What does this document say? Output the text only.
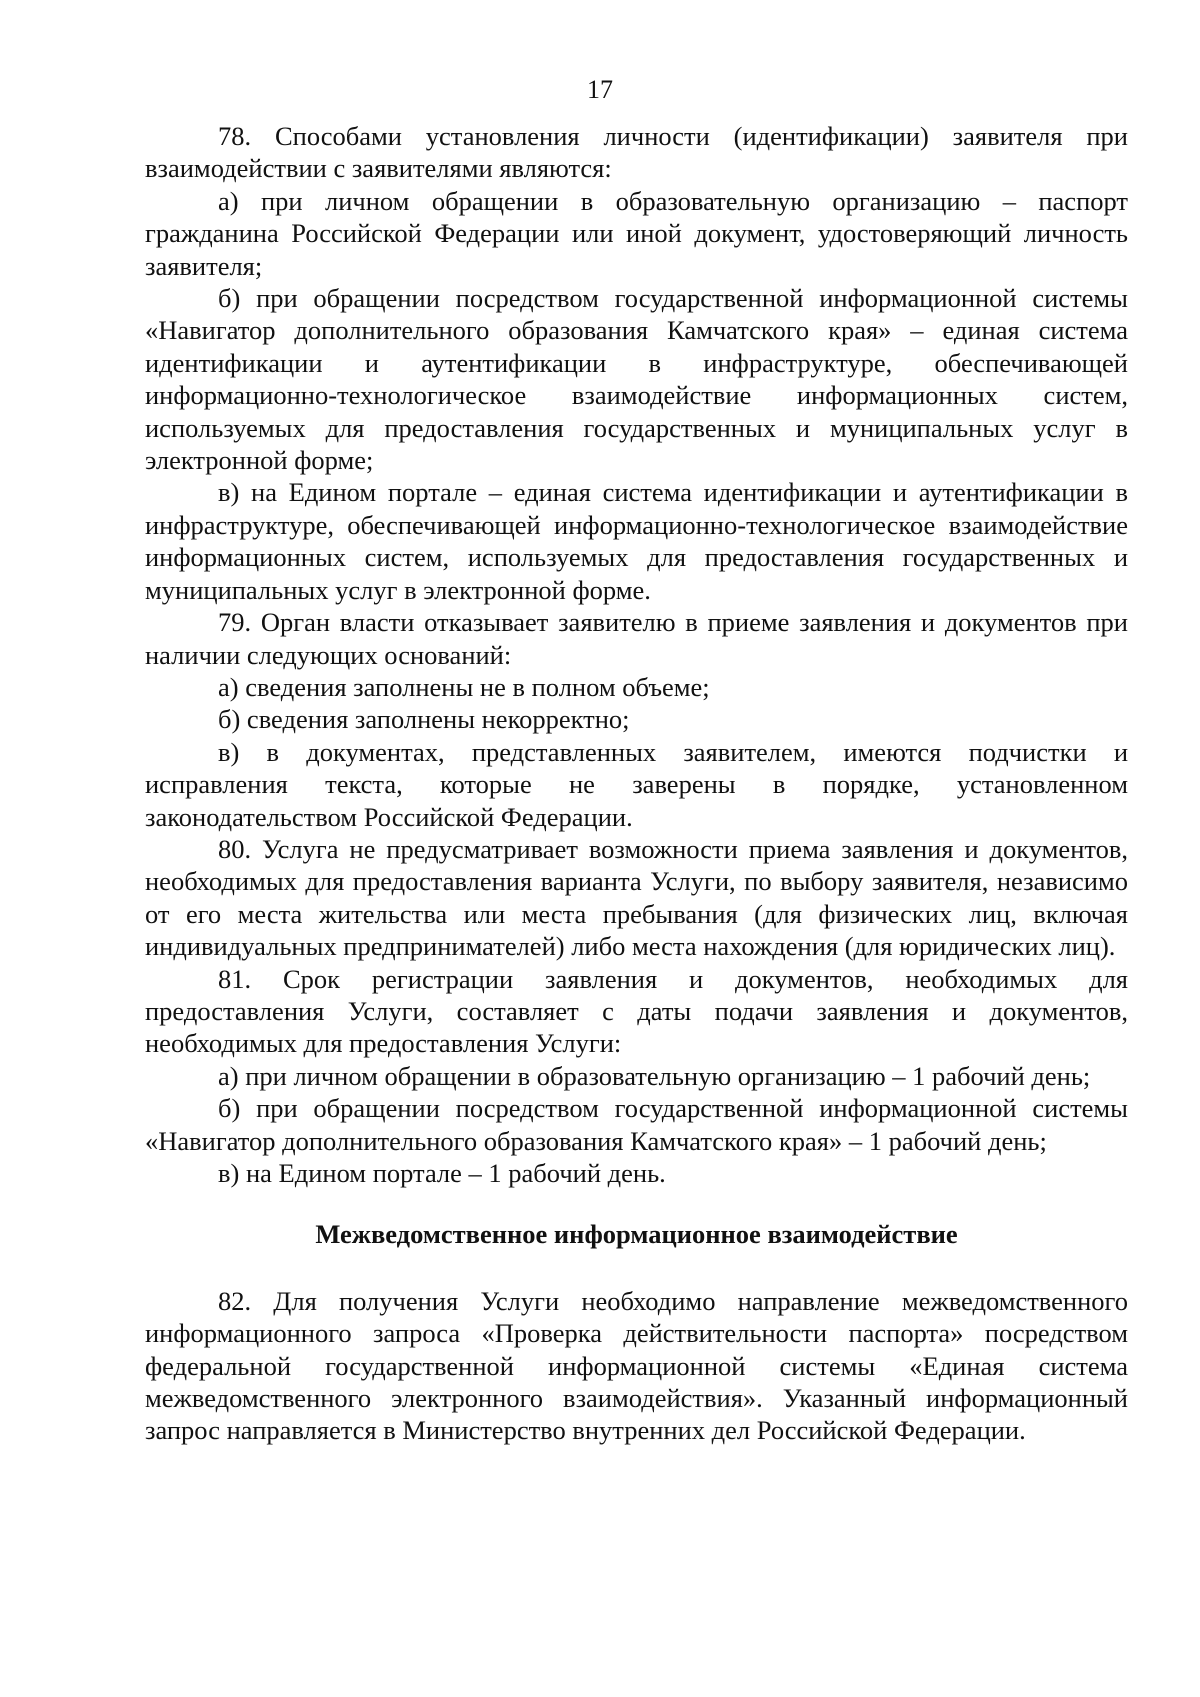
17

78. Способами установления личности (идентификации) заявителя при взаимодействии с заявителями являются:

а) при личном обращении в образовательную организацию – паспорт гражданина Российской Федерации или иной документ, удостоверяющий личность заявителя;

б) при обращении посредством государственной информационной системы «Навигатор дополнительного образования Камчатского края» – единая система идентификации и аутентификации в инфраструктуре, обеспечивающей информационно-технологическое взаимодействие информационных систем, используемых для предоставления государственных и муниципальных услуг в электронной форме;

в) на Едином портале – единая система идентификации и аутентификации в инфраструктуре, обеспечивающей информационно-технологическое взаимодействие информационных систем, используемых для предоставления государственных и муниципальных услуг в электронной форме.

79. Орган власти отказывает заявителю в приеме заявления и документов при наличии следующих оснований:

а) сведения заполнены не в полном объеме;

б) сведения заполнены некорректно;

в) в документах, представленных заявителем, имеются подчистки и исправления текста, которые не заверены в порядке, установленном законодательством Российской Федерации.

80. Услуга не предусматривает возможности приема заявления и документов, необходимых для предоставления варианта Услуги, по выбору заявителя, независимо от его места жительства или места пребывания (для физических лиц, включая индивидуальных предпринимателей) либо места нахождения (для юридических лиц).

81. Срок регистрации заявления и документов, необходимых для предоставления Услуги, составляет с даты подачи заявления и документов, необходимых для предоставления Услуги:

а) при личном обращении в образовательную организацию – 1 рабочий день;

б) при обращении посредством государственной информационной системы «Навигатор дополнительного образования Камчатского края» – 1 рабочий день;

в) на Едином портале – 1 рабочий день.

Межведомственное информационное взаимодействие

82. Для получения Услуги необходимо направление межведомственного информационного запроса «Проверка действительности паспорта» посредством федеральной государственной информационной системы «Единая система межведомственного электронного взаимодействия». Указанный информационный запрос направляется в Министерство внутренних дел Российской Федерации.
